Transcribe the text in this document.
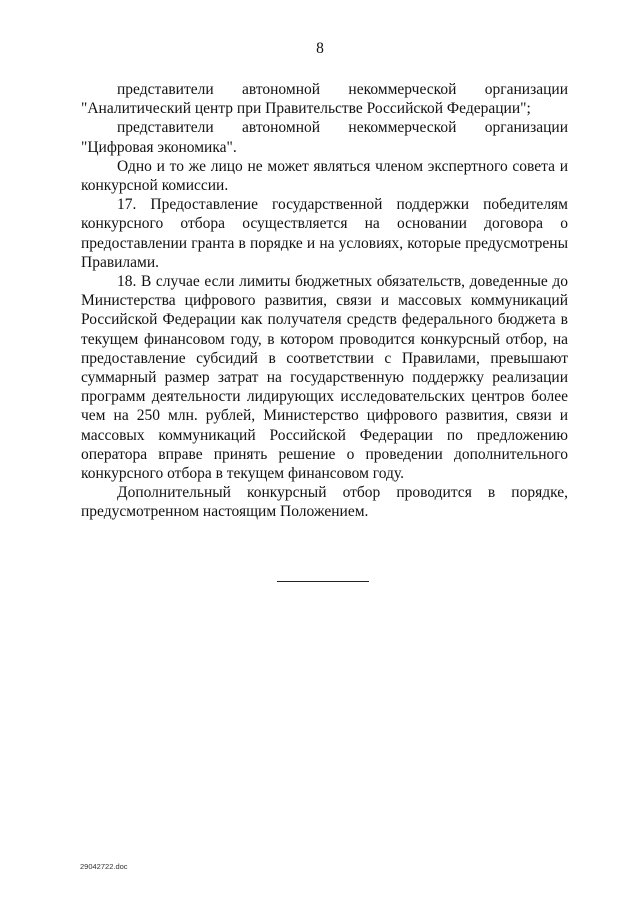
8

представители автономной некоммерческой организации "Аналитический центр при Правительстве Российской Федерации";

представители автономной некоммерческой организации "Цифровая экономика".

Одно и то же лицо не может являться членом экспертного совета и конкурсной комиссии.

17. Предоставление государственной поддержки победителям конкурсного отбора осуществляется на основании договора о предоставлении гранта в порядке и на условиях, которые предусмотрены Правилами.

18. В случае если лимиты бюджетных обязательств, доведенные до Министерства цифрового развития, связи и массовых коммуникаций Российской Федерации как получателя средств федерального бюджета в текущем финансовом году, в котором проводится конкурсный отбор, на предоставление субсидий в соответствии с Правилами, превышают суммарный размер затрат на государственную поддержку реализации программ деятельности лидирующих исследовательских центров более чем на 250 млн. рублей, Министерство цифрового развития, связи и массовых коммуникаций Российской Федерации по предложению оператора вправе принять решение о проведении дополнительного конкурсного отбора в текущем финансовом году.

Дополнительный конкурсный отбор проводится в порядке, предусмотренном настоящим Положением.

29042722.doc
